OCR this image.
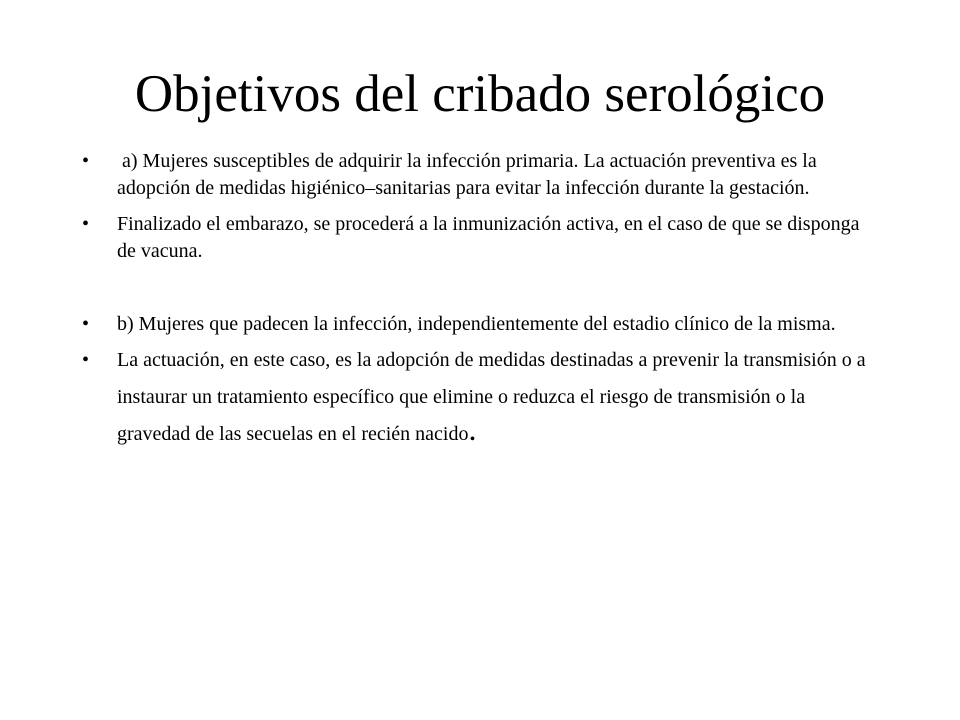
Objetivos del cribado serológico
• a) Mujeres susceptibles de adquirir la infección primaria. La actuación preventiva es la adopción de medidas higiénico–sanitarias para evitar la infección durante la gestación.
• Finalizado el embarazo, se procederá a la inmunización activa, en el caso de que se disponga de vacuna.
• b) Mujeres que padecen la infección, independientemente del estadio clínico de la misma.
• La actuación, en este caso, es la adopción de medidas destinadas a prevenir la transmisión o a instaurar un tratamiento específico que elimine o reduzca el riesgo de transmisión o la gravedad de las secuelas en el recién nacido.
